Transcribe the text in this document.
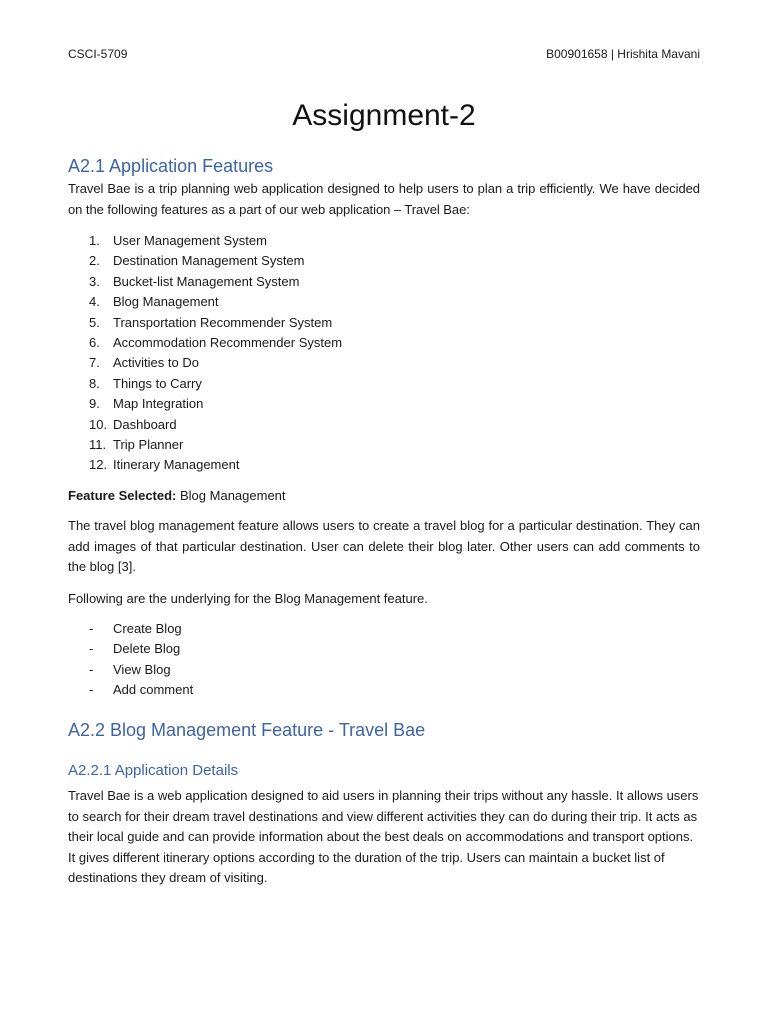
CSCI-5709	B00901658 | Hrishita Mavani
Assignment-2
A2.1 Application Features
Travel Bae is a trip planning web application designed to help users to plan a trip efficiently. We have decided on the following features as a part of our web application – Travel Bae:
1. User Management System
2. Destination Management System
3. Bucket-list Management System
4. Blog Management
5. Transportation Recommender System
6. Accommodation Recommender System
7. Activities to Do
8. Things to Carry
9. Map Integration
10. Dashboard
11. Trip Planner
12. Itinerary Management
Feature Selected: Blog Management
The travel blog management feature allows users to create a travel blog for a particular destination. They can add images of that particular destination. User can delete their blog later. Other users can add comments to the blog [3].
Following are the underlying for the Blog Management feature.
- Create Blog
- Delete Blog
- View Blog
- Add comment
A2.2 Blog Management Feature - Travel Bae
A2.2.1 Application Details
Travel Bae is a web application designed to aid users in planning their trips without any hassle. It allows users to search for their dream travel destinations and view different activities they can do during their trip. It acts as their local guide and can provide information about the best deals on accommodations and transport options. It gives different itinerary options according to the duration of the trip. Users can maintain a bucket list of destinations they dream of visiting.
